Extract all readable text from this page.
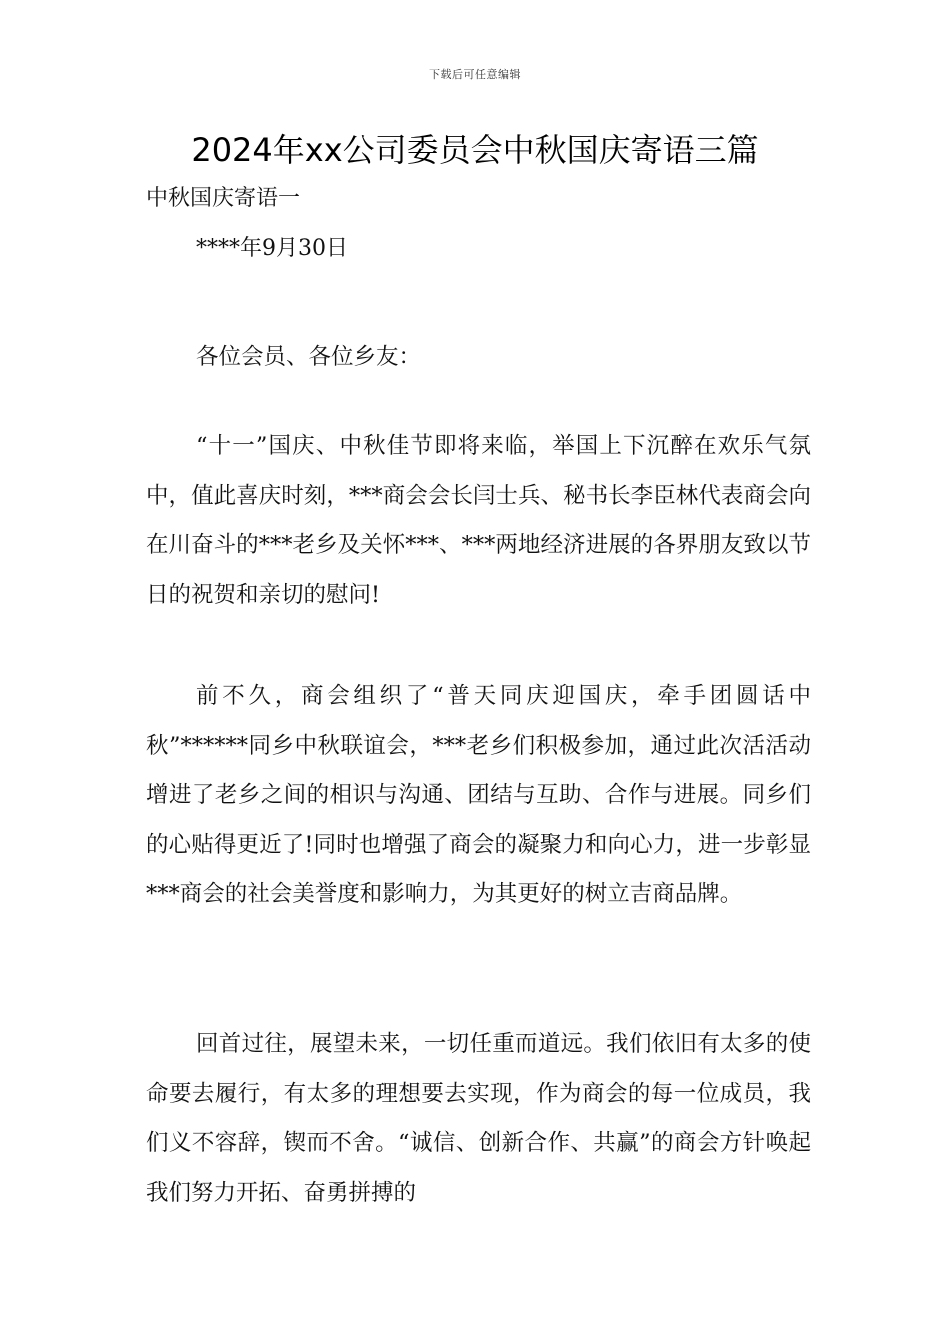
下载后可任意编辑
2024年xx公司委员会中秋国庆寄语三篇
中秋国庆寄语一
****年9月30日

各位会员、各位乡友：

“十一”国庆、中秋佳节即将来临，举国上下沉醉在欢乐气氛中，值此喜庆时刻，***商会会长闫士兵、秘书长李臣林代表商会向在川奋斗的***老乡及关怀***、***两地经济进展的各界朋友致以节日的祝贺和亲切的慰问!

前不久，商会组织了“普天同庆迎国庆，牵手团圆话中秋”******同乡中秋联谊会，***老乡们积极参加，通过此次活活动增进了老乡之间的相识与沟通、团结与互助、合作与进展。同乡们的心贴得更近了!同时也增强了商会的凝聚力和向心力，进一步彰显***商会的社会美誉度和影响力，为其更好的树立吉商品牌。

回首过往，展望未来，一切任重而道远。我们依旧有太多的使命要去履行，有太多的理想要去实现，作为商会的每一位成员，我们义不容辞，锲而不舍。“诚信、创新合作、共赢”的商会方针唤起我们努力开拓、奋勇拼搏的
